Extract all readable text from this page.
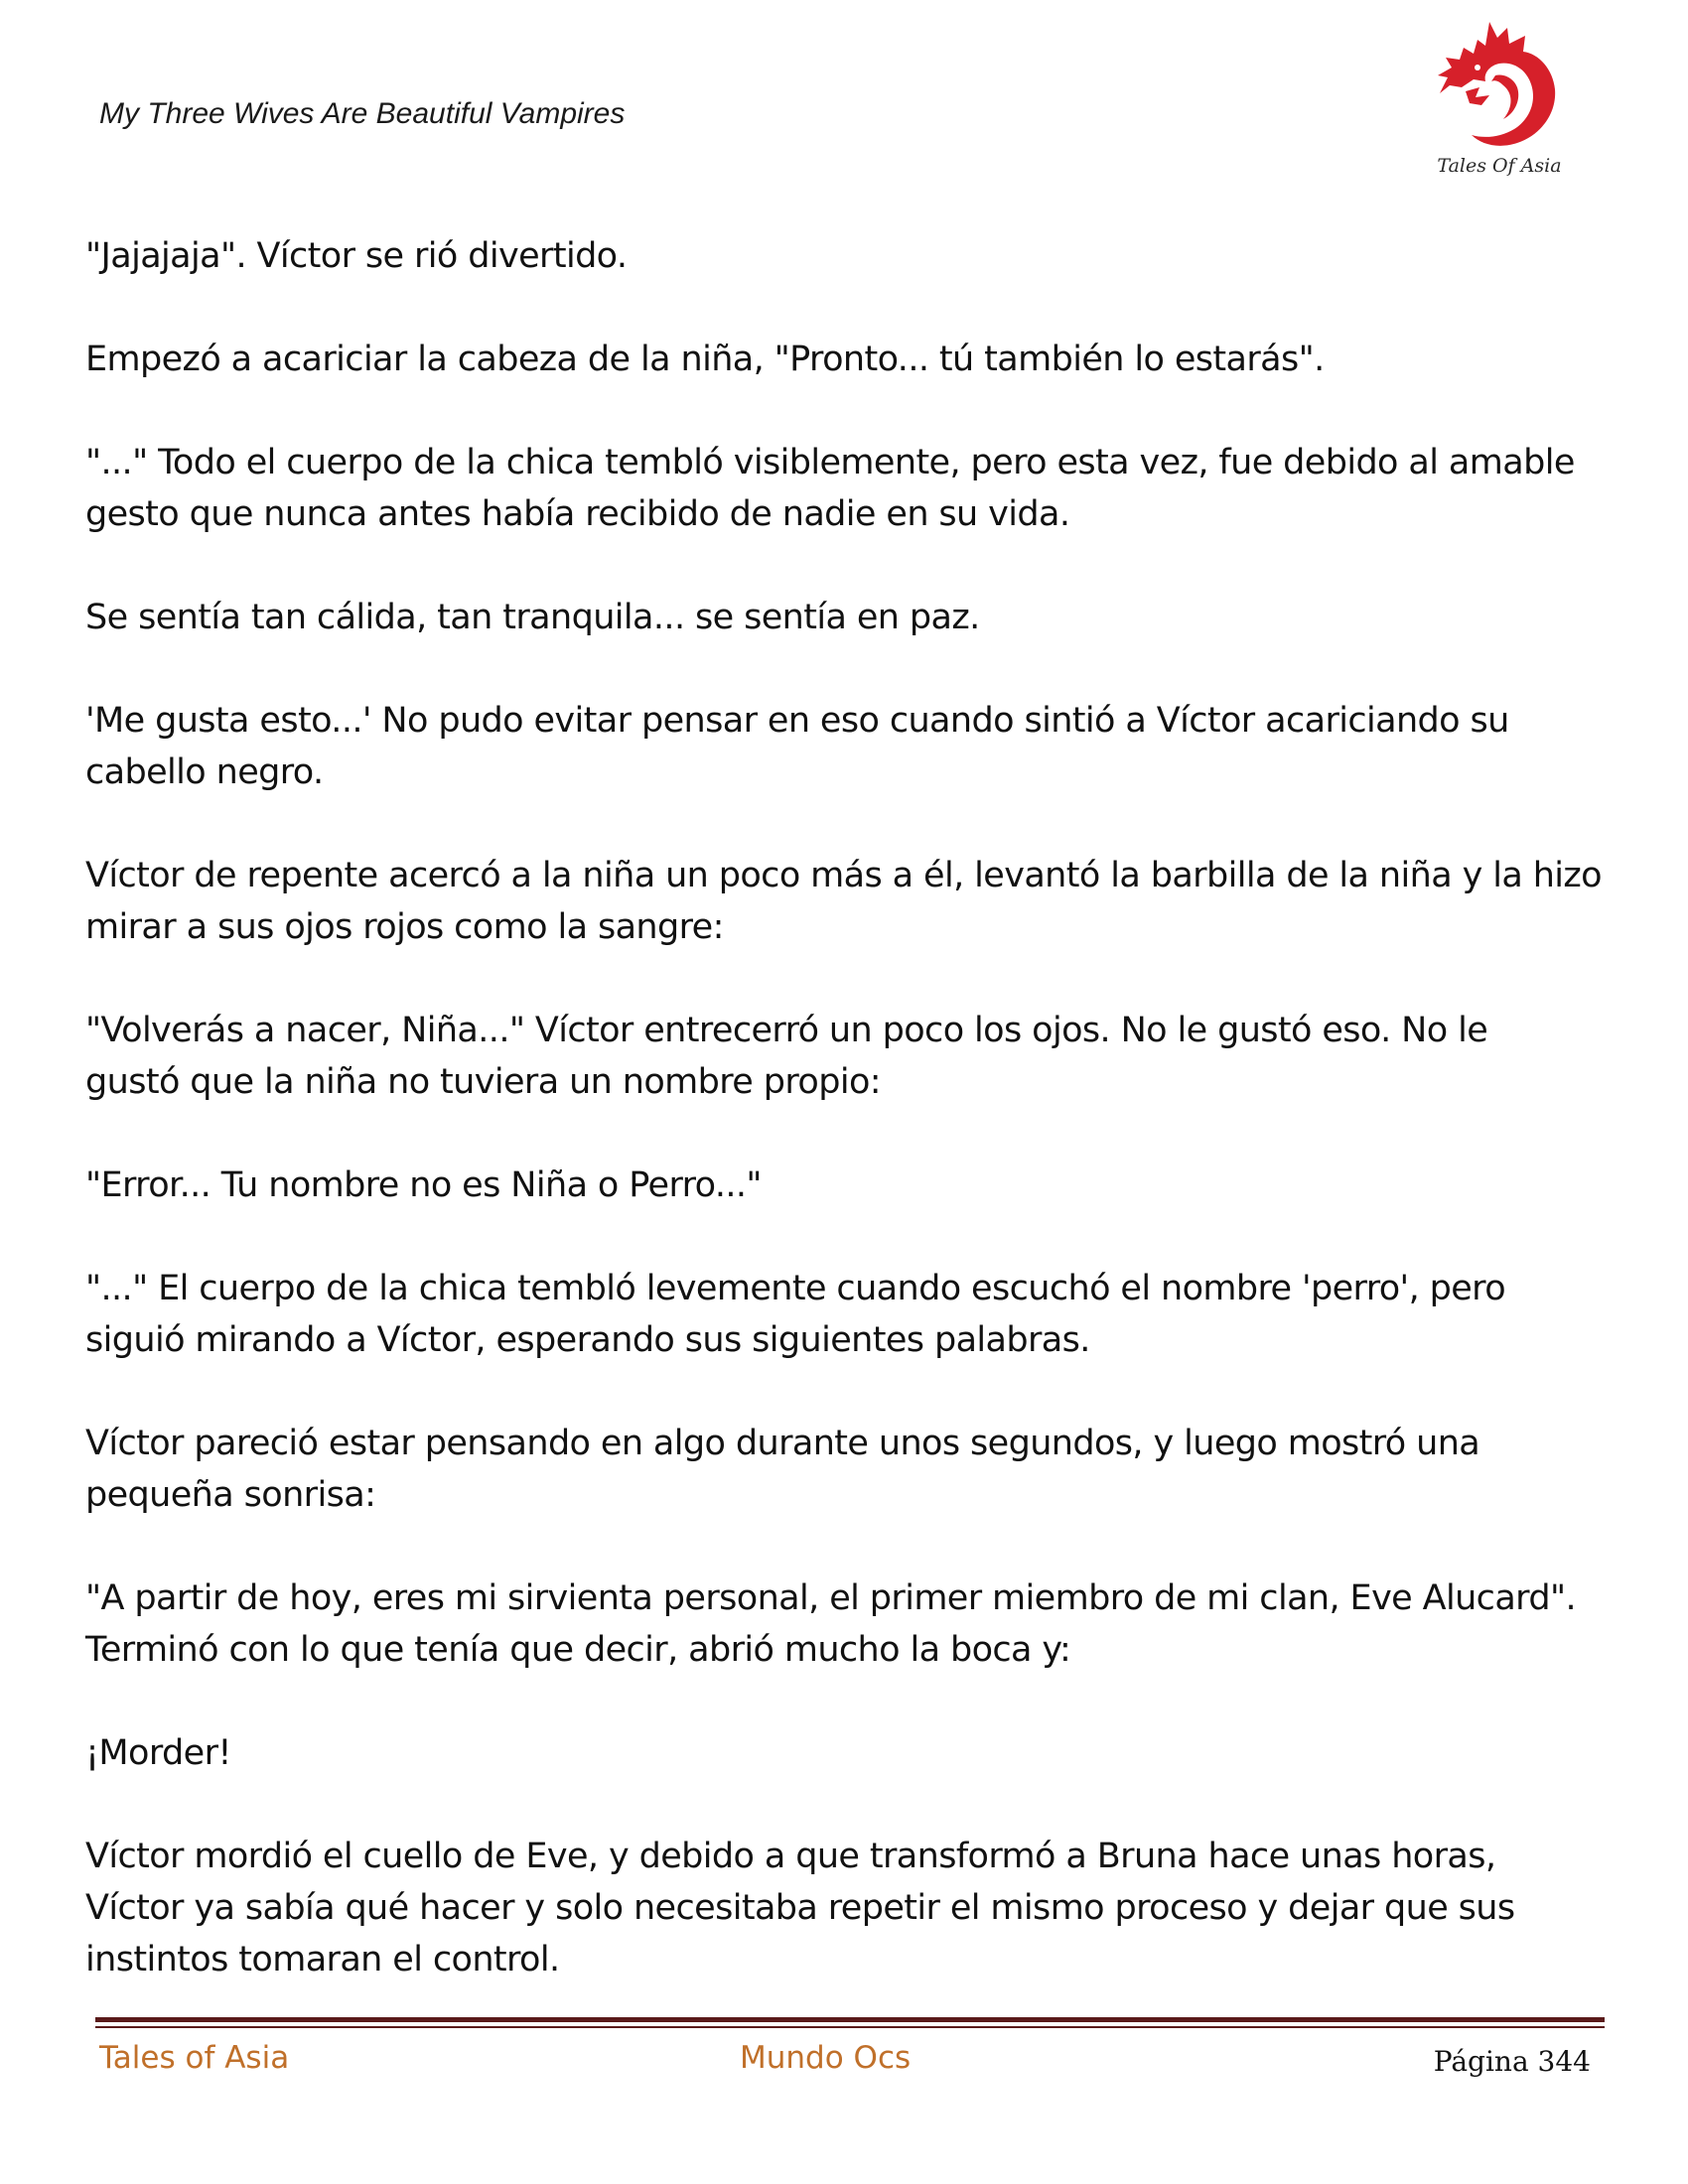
My Three Wives Are Beautiful Vampires
Tales Of Asia

"Jajajaja". Víctor se rió divertido.

Empezó a acariciar la cabeza de la niña, "Pronto... tú también lo estarás".

"..." Todo el cuerpo de la chica tembló visiblemente, pero esta vez, fue debido al amable
gesto que nunca antes había recibido de nadie en su vida.

Se sentía tan cálida, tan tranquila... se sentía en paz.

'Me gusta esto...' No pudo evitar pensar en eso cuando sintió a Víctor acariciando su
cabello negro.

Víctor de repente acercó a la niña un poco más a él, levantó la barbilla de la niña y la hizo
mirar a sus ojos rojos como la sangre:

"Volverás a nacer, Niña..." Víctor entrecerró un poco los ojos. No le gustó eso. No le
gustó que la niña no tuviera un nombre propio:

"Error... Tu nombre no es Niña o Perro..."

"..." El cuerpo de la chica tembló levemente cuando escuchó el nombre 'perro', pero
siguió mirando a Víctor, esperando sus siguientes palabras.

Víctor pareció estar pensando en algo durante unos segundos, y luego mostró una
pequeña sonrisa:

"A partir de hoy, eres mi sirvienta personal, el primer miembro de mi clan, Eve Alucard".
Terminó con lo que tenía que decir, abrió mucho la boca y:

¡Morder!

Víctor mordió el cuello de Eve, y debido a que transformó a Bruna hace unas horas,
Víctor ya sabía qué hacer y solo necesitaba repetir el mismo proceso y dejar que sus
instintos tomaran el control.

Tales of Asia	Mundo Ocs	Página 344
